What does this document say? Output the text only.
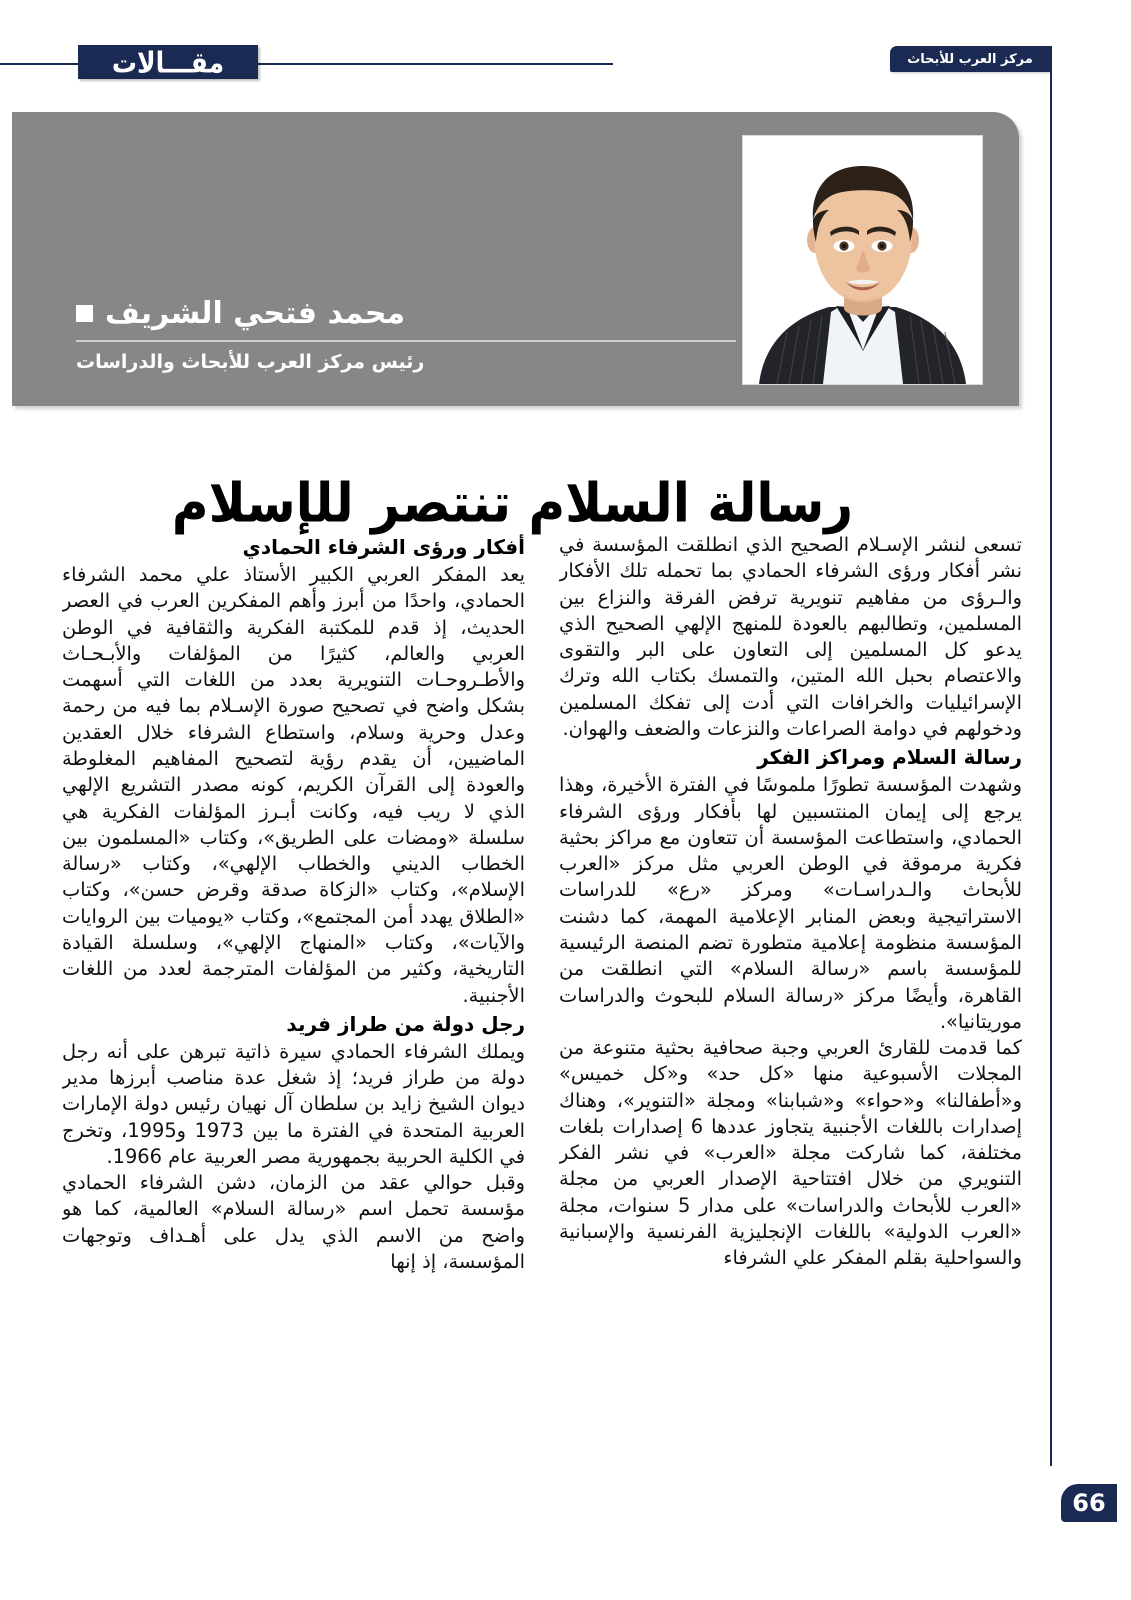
مقـــالات	مركز العرب للأبحاث
محمد فتحي الشريف
رئيس مركز العرب للأبحاث والدراسات
رسالة السلام تنتصر للإسلام

تسعى لنشر الإسـلام الصحيح الذي انطلقت المؤسسة في نشر أفكار ورؤى الشرفاء الحمادي بما تحمله تلك الأفكار والـرؤى من مفاهيم تنويرية ترفض الفرقة والنزاع بين المسلمين، وتطالبهم بالعودة للمنهج الإلهي الصحيح الذي يدعو كل المسلمين إلى التعاون على البر والتقوى والاعتصام بحبل الله المتين، والتمسك بكتاب الله وترك الإسرائيليات والخرافات التي أدت إلى تفكك المسلمين ودخولهم في دوامة الصراعات والنزعات والضعف والهوان.

رسالة السلام ومراكز الفكر

وشهدت المؤسسة تطورًا ملموسًا في الفترة الأخيرة، وهذا يرجع إلى إيمان المنتسبين لها بأفكار ورؤى الشرفاء الحمادي، واستطاعت المؤسسة أن تتعاون مع مراكز بحثية فكرية مرموقة في الوطن العربي مثل مركز «العرب للأبحاث والـدراسـات» ومركز «رع» للدراسات الاستراتيجية وبعض المنابر الإعلامية المهمة، كما دشنت المؤسسة منظومة إعلامية متطورة تضم المنصة الرئيسية للمؤسسة باسم «رسالة السلام» التي انطلقت من القاهرة، وأيضًا مركز «رسالة السلام للبحوث والدراسات موريتانيا».

كما قدمت للقارئ العربي وجبة صحافية بحثية متنوعة من المجلات الأسبوعية منها «كل حد» و«كل خميس» و«أطفالنا» و«حواء» و«شبابنا» ومجلة «التنوير»، وهناك إصدارات باللغات الأجنبية يتجاوز عددها 6 إصدارات بلغات مختلفة، كما شاركت مجلة «العرب» في نشر الفكر التنويري من خلال افتتاحية الإصدار العربي من مجلة «العرب للأبحاث والدراسات» على مدار 5 سنوات، مجلة «العرب الدولية» باللغات الإنجليزية الفرنسية والإسبانية والسواحلية بقلم المفكر علي الشرفاء

أفكار ورؤى الشرفاء الحمادي

يعد المفكر العربي الكبير الأستاذ علي محمد الشرفاء الحمادي، واحدًا من أبرز وأهم المفكرين العرب في العصر الحديث، إذ قدم للمكتبة الفكرية والثقافية في الوطن العربي والعالم، كثيرًا من المؤلفات والأبـحـاث والأطـروحـات التنويرية بعدد من اللغات التي أسهمت بشكل واضح في تصحيح صورة الإسـلام بما فيه من رحمة وعدل وحرية وسلام، واستطاع الشرفاء خلال العقدين الماضيين، أن يقدم رؤية لتصحيح المفاهيم المغلوطة والعودة إلى القرآن الكريم، كونه مصدر التشريع الإلهي الذي لا ريب فيه، وكانت أبـرز المؤلفات الفكرية هي سلسلة «ومضات على الطريق»، وكتاب «المسلمون بين الخطاب الديني والخطاب الإلهي»، وكتاب «رسالة الإسلام»، وكتاب «الزكاة صدقة وقرض حسن»، وكتاب «الطلاق يهدد أمن المجتمع»، وكتاب «يوميات بين الروايات والآيات»، وكتاب «المنهاج الإلهي»، وسلسلة القيادة التاريخية، وكثير من المؤلفات المترجمة لعدد من اللغات الأجنبية.

رجل دولة من طراز فريد

ويملك الشرفاء الحمادي سيرة ذاتية تبرهن على أنه رجل دولة من طراز فريد؛ إذ شغل عدة مناصب أبرزها مدير ديوان الشيخ زايد بن سلطان آل نهيان رئيس دولة الإمارات العربية المتحدة في الفترة ما بين 1973 و1995، وتخرج في الكلية الحربية بجمهورية مصر العربية عام 1966.

وقبل حوالي عقد من الزمان، دشن الشرفاء الحمادي مؤسسة تحمل اسم «رسالة السلام» العالمية، كما هو واضح من الاسم الذي يدل على أهـداف وتوجهات المؤسسة، إذ إنها

66
